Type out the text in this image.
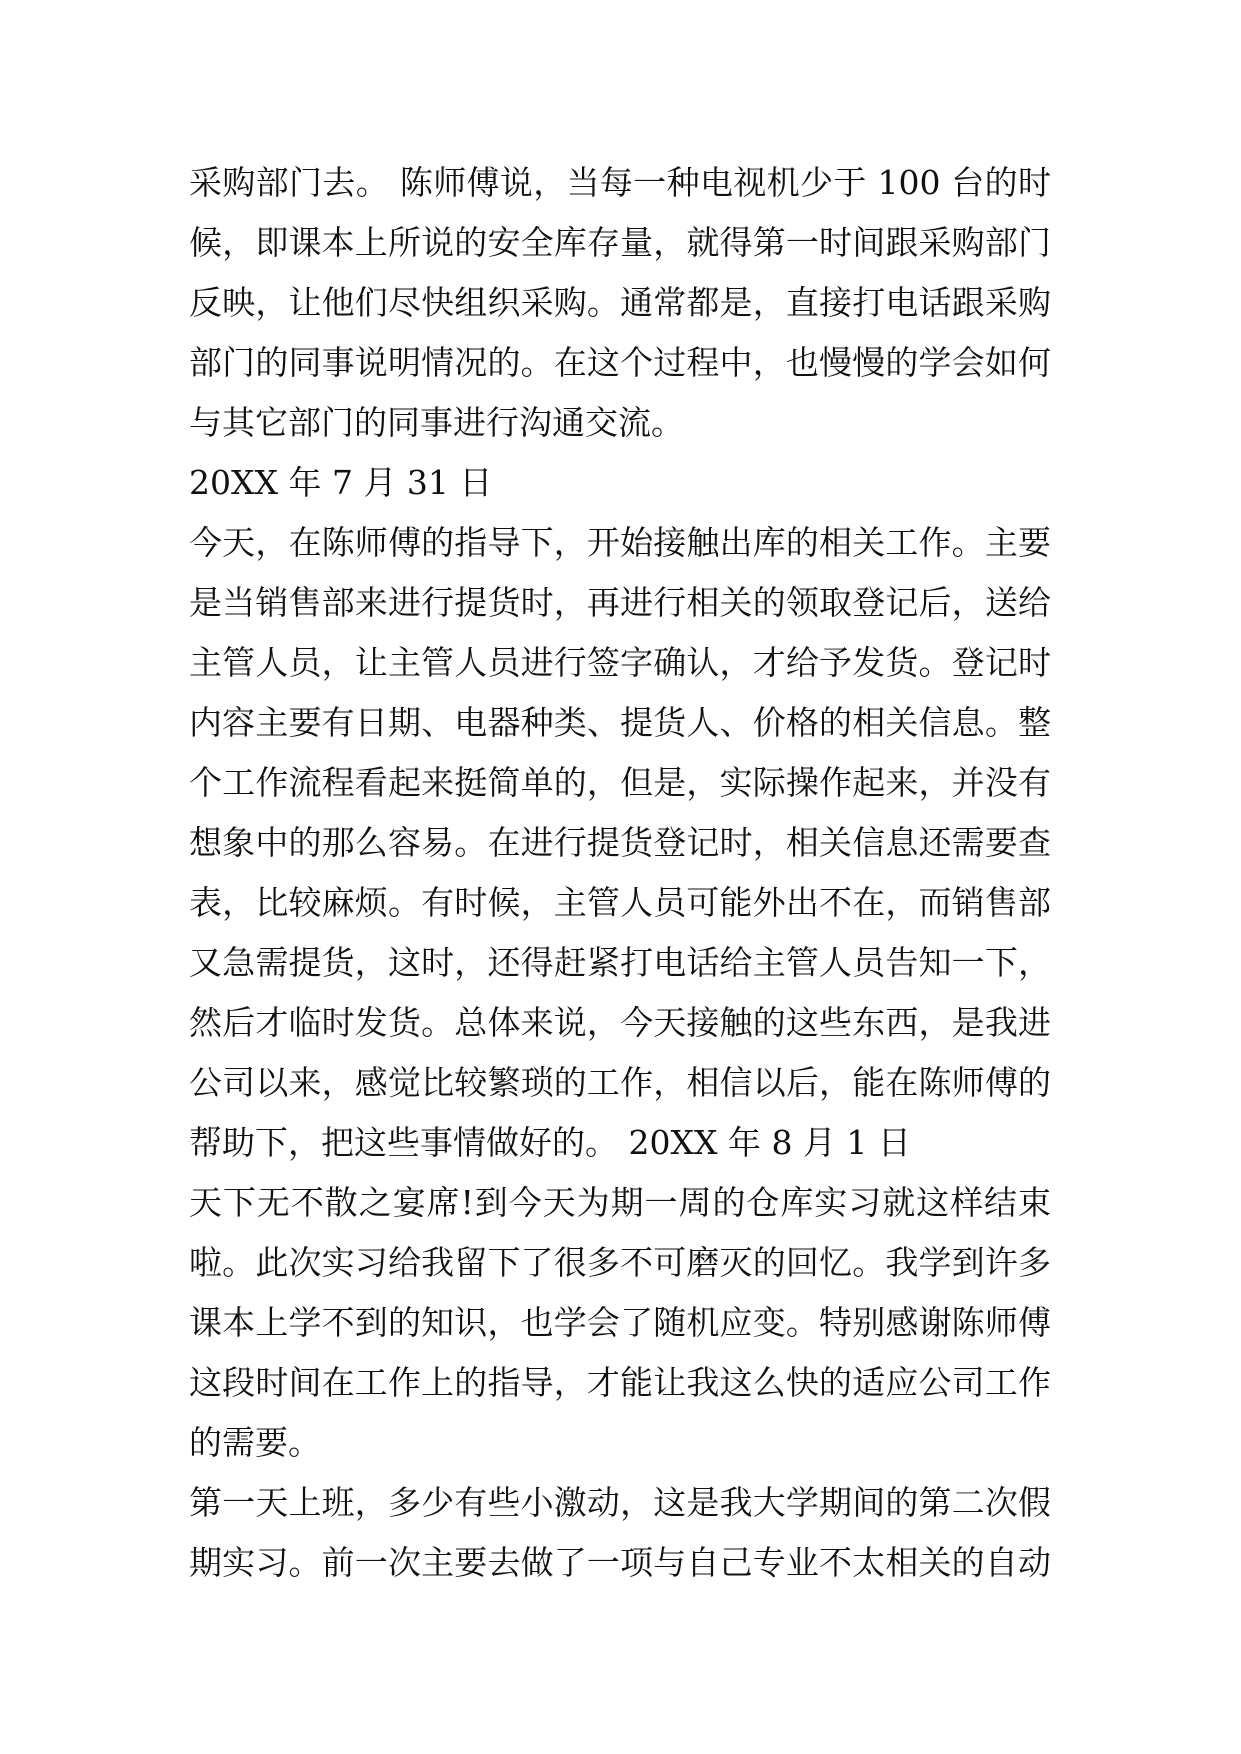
采购部门去。 陈师傅说，当每一种电视机少于 100 台的时
候，即课本上所说的安全库存量，就得第一时间跟采购部门
反映，让他们尽快组织采购。通常都是，直接打电话跟采购
部门的同事说明情况的。在这个过程中，也慢慢的学会如何
与其它部门的同事进行沟通交流。
20XX 年 7 月 31 日
今天，在陈师傅的指导下，开始接触出库的相关工作。主要
是当销售部来进行提货时，再进行相关的领取登记后，送给
主管人员，让主管人员进行签字确认，才给予发货。登记时
内容主要有日期、电器种类、提货人、价格的相关信息。整
个工作流程看起来挺简单的，但是，实际操作起来，并没有
想象中的那么容易。在进行提货登记时，相关信息还需要查
表，比较麻烦。有时候，主管人员可能外出不在，而销售部
又急需提货，这时，还得赶紧打电话给主管人员告知一下，
然后才临时发货。总体来说，今天接触的这些东西，是我进
公司以来，感觉比较繁琐的工作，相信以后，能在陈师傅的
帮助下，把这些事情做好的。 20XX 年 8 月 1 日
天下无不散之宴席!到今天为期一周的仓库实习就这样结束
啦。此次实习给我留下了很多不可磨灭的回忆。我学到许多
课本上学不到的知识，也学会了随机应变。特别感谢陈师傅
这段时间在工作上的指导，才能让我这么快的适应公司工作
的需要。
第一天上班，多少有些小激动，这是我大学期间的第二次假
期实习。前一次主要去做了一项与自己专业不太相关的自动
